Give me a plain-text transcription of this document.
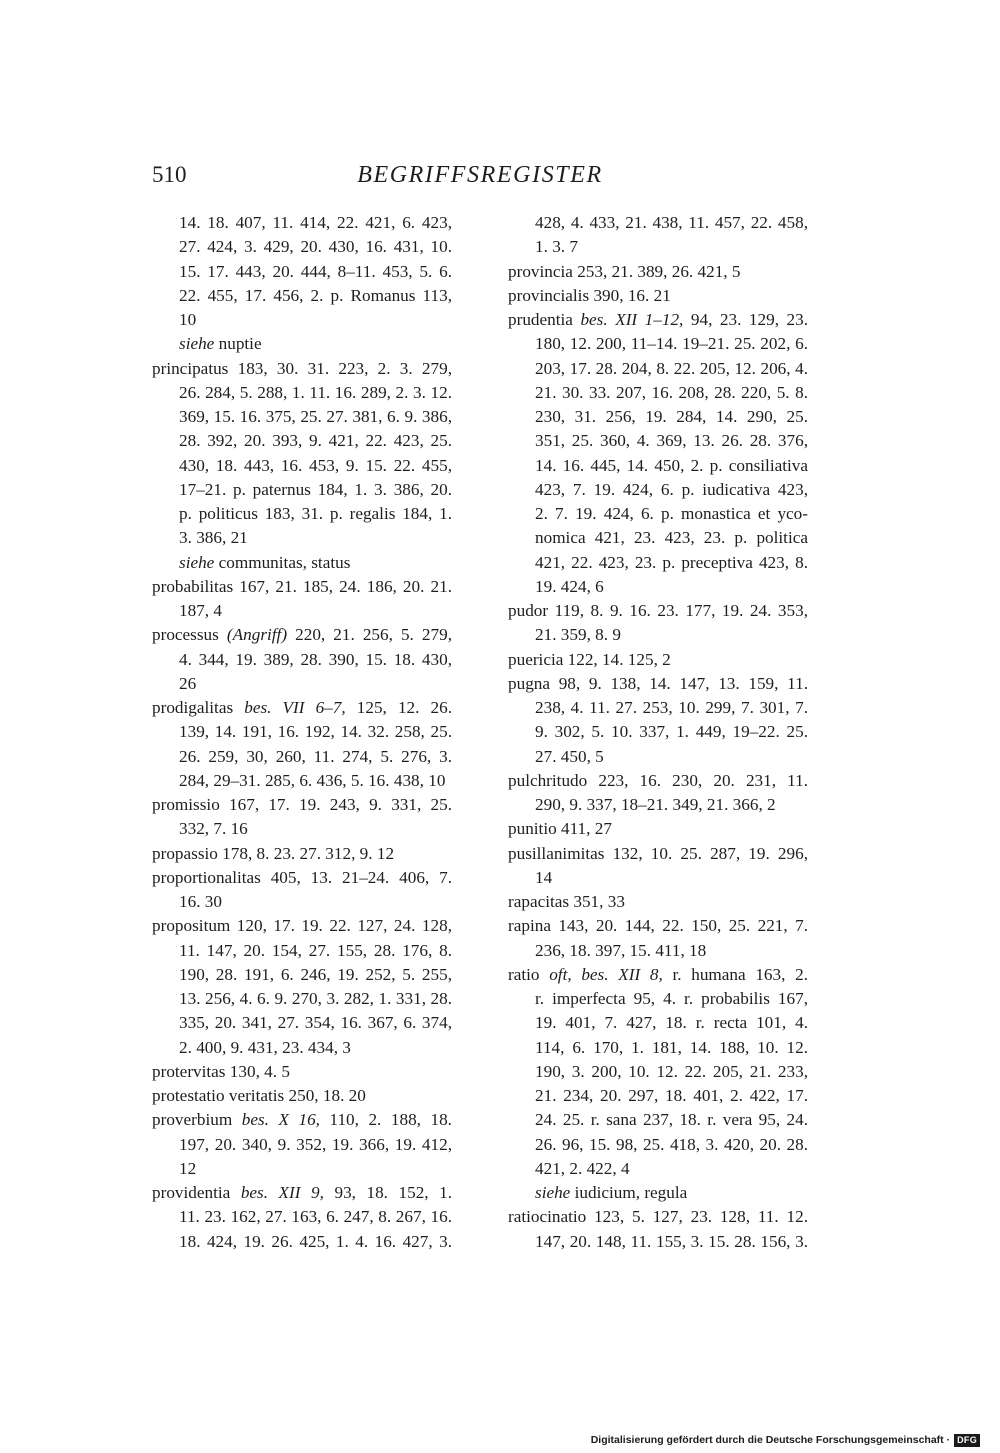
510	BEGRIFFSREGISTER
14. 18. 407, 11. 414, 22. 421, 6. 423,
27. 424, 3. 429, 20. 430, 16. 431, 10.
15. 17. 443, 20. 444, 8–11. 453, 5. 6.
22. 455, 17. 456, 2. p. Romanus 113,
10
siehe nuptie
principatus 183, 30. 31. 223, 2. 3. 279,
26. 284, 5. 288, 1. 11. 16. 289, 2. 3. 12.
369, 15. 16. 375, 25. 27. 381, 6. 9. 386,
28. 392, 20. 393, 9. 421, 22. 423, 25.
430, 18. 443, 16. 453, 9. 15. 22. 455,
17–21. p. paternus 184, 1. 3. 386, 20.
p. politicus 183, 31. p. regalis 184, 1.
3. 386, 21
siehe communitas, status
probabilitas 167, 21. 185, 24. 186, 20. 21.
187, 4
processus (Angriff) 220, 21. 256, 5. 279,
4. 344, 19. 389, 28. 390, 15. 18. 430,
26
prodigalitas bes. VII 6–7, 125, 12. 26.
139, 14. 191, 16. 192, 14. 32. 258, 25.
26. 259, 30, 260, 11. 274, 5. 276, 3.
284, 29–31. 285, 6. 436, 5. 16. 438, 10
promissio 167, 17. 19. 243, 9. 331, 25.
332, 7. 16
propassio 178, 8. 23. 27. 312, 9. 12
proportionalitas 405, 13. 21–24. 406, 7.
16. 30
propositum 120, 17. 19. 22. 127, 24. 128,
11. 147, 20. 154, 27. 155, 28. 176, 8.
190, 28. 191, 6. 246, 19. 252, 5. 255,
13. 256, 4. 6. 9. 270, 3. 282, 1. 331, 28.
335, 20. 341, 27. 354, 16. 367, 6. 374,
2. 400, 9. 431, 23. 434, 3
protervitas 130, 4. 5
protestatio veritatis 250, 18. 20
proverbium bes. X 16, 110, 2. 188, 18.
197, 20. 340, 9. 352, 19. 366, 19. 412,
12
providentia bes. XII 9, 93, 18. 152, 1.
11. 23. 162, 27. 163, 6. 247, 8. 267, 16.
18. 424, 19. 26. 425, 1. 4. 16. 427, 3.
428, 4. 433, 21. 438, 11. 457, 22. 458,
1. 3. 7
provincia 253, 21. 389, 26. 421, 5
provincialis 390, 16. 21
prudentia bes. XII 1–12, 94, 23. 129, 23.
180, 12. 200, 11–14. 19–21. 25. 202, 6.
203, 17. 28. 204, 8. 22. 205, 12. 206, 4.
21. 30. 33. 207, 16. 208, 28. 220, 5. 8.
230, 31. 256, 19. 284, 14. 290, 25.
351, 25. 360, 4. 369, 13. 26. 28. 376,
14. 16. 445, 14. 450, 2. p. consiliativa
423, 7. 19. 424, 6. p. iudicativa 423,
2. 7. 19. 424, 6. p. monastica et yco-
nomica 421, 23. 423, 23. p. politica
421, 22. 423, 23. p. preceptiva 423, 8.
19. 424, 6
pudor 119, 8. 9. 16. 23. 177, 19. 24. 353,
21. 359, 8. 9
puericia 122, 14. 125, 2
pugna 98, 9. 138, 14. 147, 13. 159, 11.
238, 4. 11. 27. 253, 10. 299, 7. 301, 7.
9. 302, 5. 10. 337, 1. 449, 19–22. 25.
27. 450, 5
pulchritudo 223, 16. 230, 20. 231, 11.
290, 9. 337, 18–21. 349, 21. 366, 2
punitio 411, 27
pusillanimitas 132, 10. 25. 287, 19. 296,
14
rapacitas 351, 33
rapina 143, 20. 144, 22. 150, 25. 221, 7.
236, 18. 397, 15. 411, 18
ratio oft, bes. XII 8, r. humana 163, 2.
r. imperfecta 95, 4. r. probabilis 167,
19. 401, 7. 427, 18. r. recta 101, 4.
114, 6. 170, 1. 181, 14. 188, 10. 12.
190, 3. 200, 10. 12. 22. 205, 21. 233,
21. 234, 20. 297, 18. 401, 2. 422, 17.
24. 25. r. sana 237, 18. r. vera 95, 24.
26. 96, 15. 98, 25. 418, 3. 420, 20. 28.
421, 2. 422, 4
siehe iudicium, regula
ratiocinatio 123, 5. 127, 23. 128, 11. 12.
147, 20. 148, 11. 155, 3. 15. 28. 156, 3.
Digitalisierung gefördert durch die Deutsche Forschungsgemeinschaft · DFG
